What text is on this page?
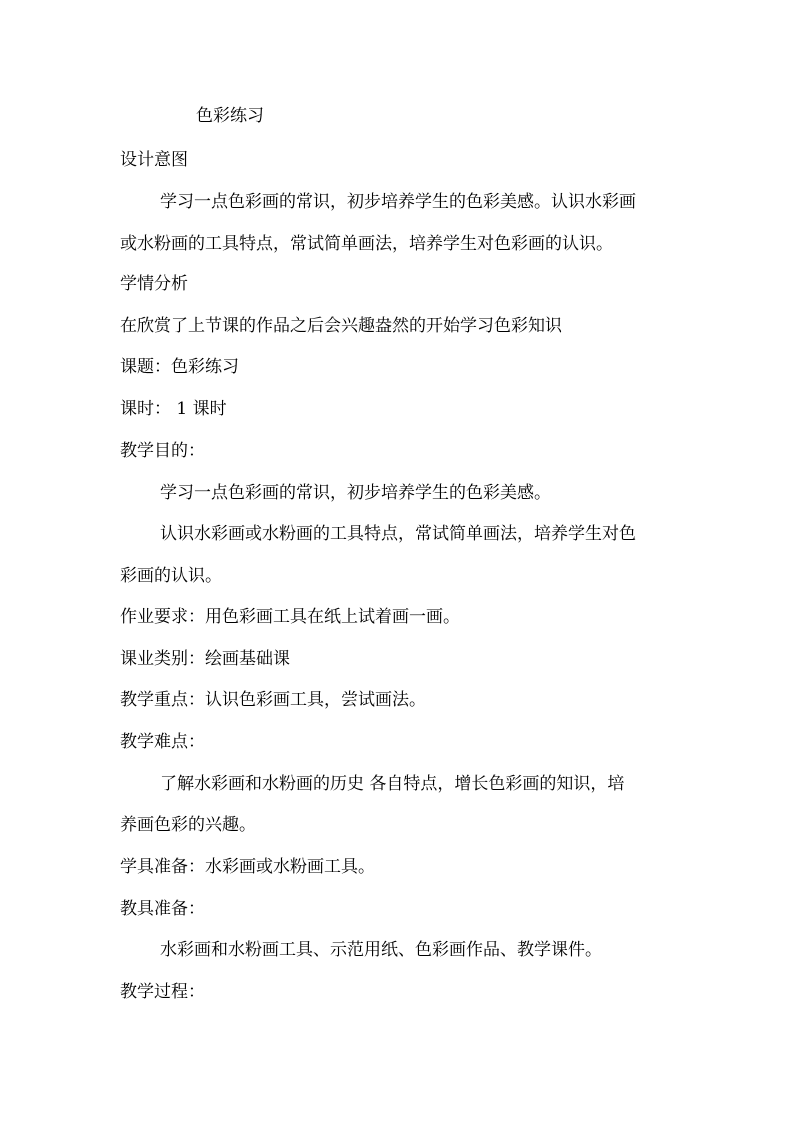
色彩练习
设计意图
学习一点色彩画的常识，初步培养学生的色彩美感。认识水彩画
或水粉画的工具特点，常试简单画法，培养学生对色彩画的认识。
学情分析
在欣赏了上节课的作品之后会兴趣盎然的开始学习色彩知识
课题：色彩练习
课时： 1 课时
教学目的：
学习一点色彩画的常识，初步培养学生的色彩美感。
认识水彩画或水粉画的工具特点，常试简单画法，培养学生对色
彩画的认识。
作业要求：用色彩画工具在纸上试着画一画。
课业类别：绘画基础课
教学重点：认识色彩画工具，尝试画法。
教学难点：
了解水彩画和水粉画的历史 各自特点，增长色彩画的知识，培
养画色彩的兴趣。
学具准备：水彩画或水粉画工具。
教具准备：
水彩画和水粉画工具、示范用纸、色彩画作品、教学课件。
教学过程：
